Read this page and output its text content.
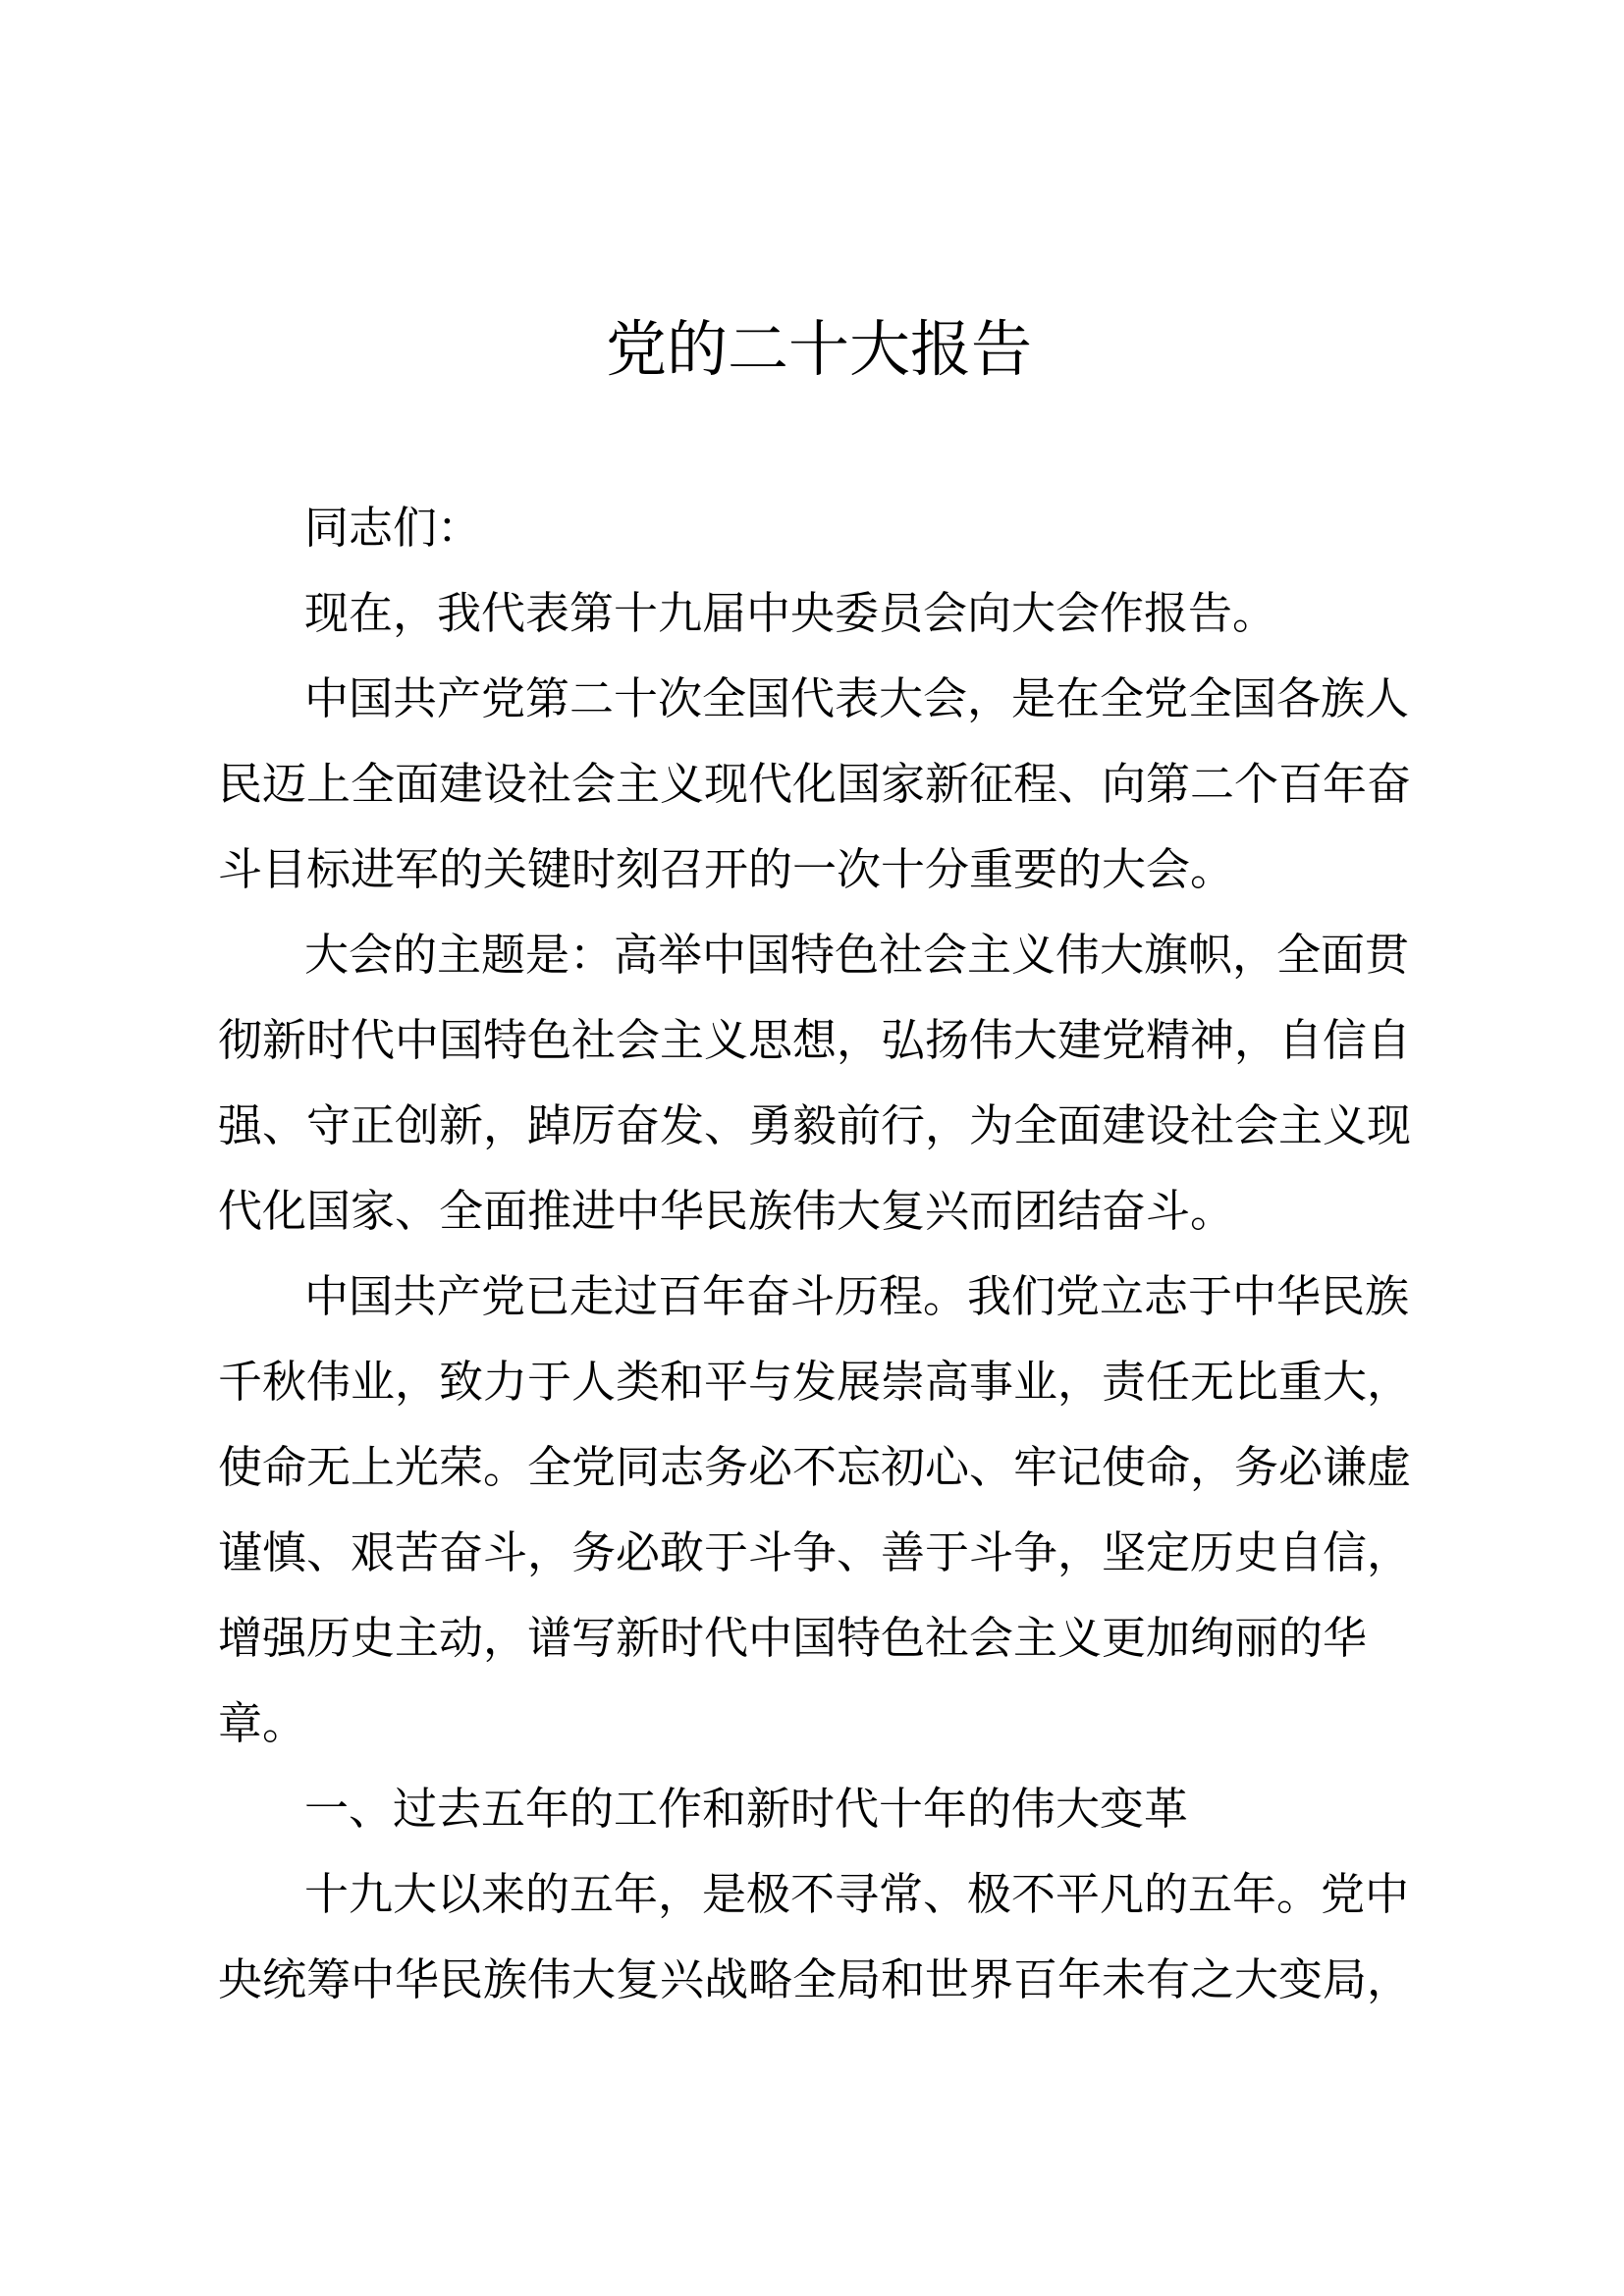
党的二十大报告
同志们：
现在，我代表第十九届中央委员会向大会作报告。
中国共产党第二十次全国代表大会，是在全党全国各族人
民迈上全面建设社会主义现代化国家新征程、向第二个百年奋
斗目标进军的关键时刻召开的一次十分重要的大会。
大会的主题是：高举中国特色社会主义伟大旗帜，全面贯
彻新时代中国特色社会主义思想，弘扬伟大建党精神，自信自
强、守正创新，踔厉奋发、勇毅前行，为全面建设社会主义现
代化国家、全面推进中华民族伟大复兴而团结奋斗。
中国共产党已走过百年奋斗历程。我们党立志于中华民族
千秋伟业，致力于人类和平与发展崇高事业，责任无比重大，
使命无上光荣。全党同志务必不忘初心、牢记使命，务必谦虚
谨慎、艰苦奋斗，务必敢于斗争、善于斗争，坚定历史自信，
增强历史主动，谱写新时代中国特色社会主义更加绚丽的华
章。
一、过去五年的工作和新时代十年的伟大变革
十九大以来的五年，是极不寻常、极不平凡的五年。党中
央统筹中华民族伟大复兴战略全局和世界百年未有之大变局，
